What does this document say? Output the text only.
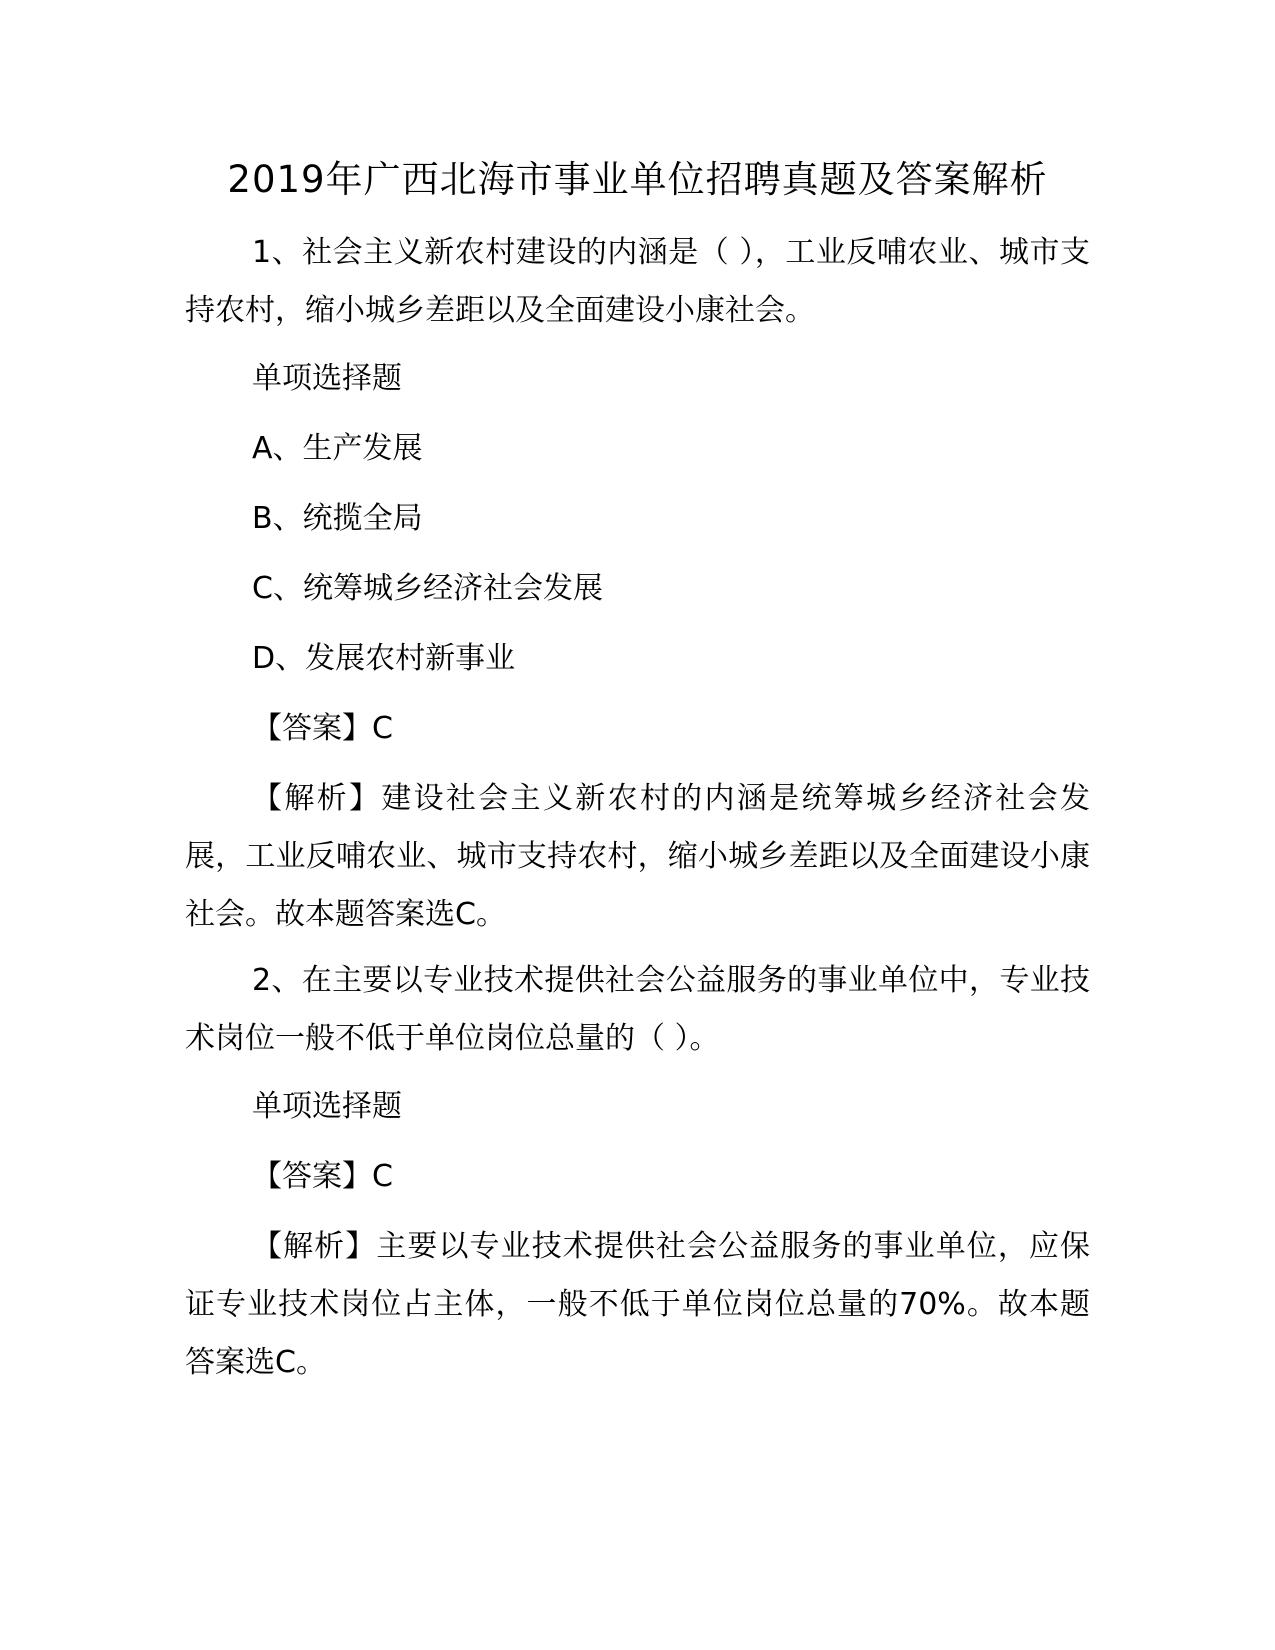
2019年广西北海市事业单位招聘真题及答案解析

1、社会主义新农村建设的内涵是（ ），工业反哺农业、城市支持农村，缩小城乡差距以及全面建设小康社会。

单项选择题
A、生产发展
B、统揽全局
C、统筹城乡经济社会发展
D、发展农村新事业
【答案】C

【解析】建设社会主义新农村的内涵是统筹城乡经济社会发展，工业反哺农业、城市支持农村，缩小城乡差距以及全面建设小康社会。故本题答案选C。

2、在主要以专业技术提供社会公益服务的事业单位中，专业技术岗位一般不低于单位岗位总量的（ ）。

单项选择题
【答案】C

【解析】主要以专业技术提供社会公益服务的事业单位，应保证专业技术岗位占主体，一般不低于单位岗位总量的70%。故本题答案选C。
